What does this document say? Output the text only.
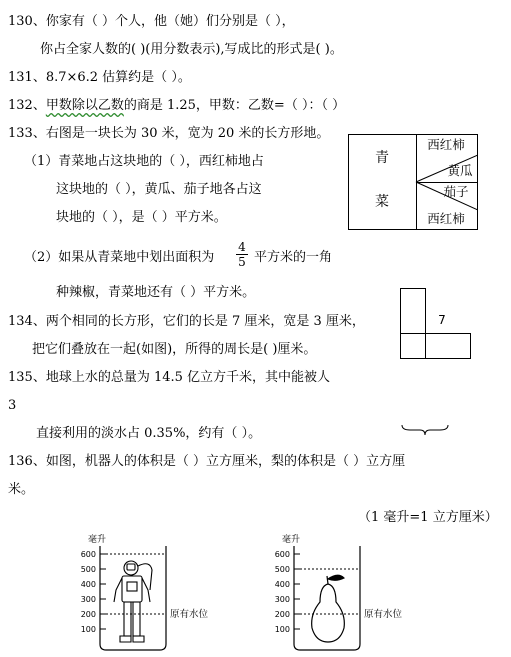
130、你家有（ ）个人，他（她）们分别是（ ），
你占全家人数的( )(用分数表示),写成比的形式是( )。
131、8.7×6.2 估算约是（ ）。
132、甲数除以乙数的商是 1.25，甲数：乙数=（ ）：（ ）
133、右图是一块长为 30 米，宽为 20 米的长方形地。
（1）青菜地占这块地的（ ），西红柿地占
这块地的（ ），黄瓜、茄子地各占这
块地的（ ），是（ ）平方米。
青
菜
西红柿
黄瓜
茄子
西红柿
（2）如果从青菜地中划出面积为
4
5 平方米的一角
种辣椒，青菜地还有（ ）平方米。
134、两个相同的长方形，它们的长是 7 厘米，宽是 3 厘米，
把它们叠放在一起(如图)，所得的周长是( )厘米。
7
135、地球上水的总量为 14.5 亿立方千米，其中能被人
3
直接利用的淡水占 0.35%，约有（ ）。
136、如图，机器人的体积是（ ）立方厘米，梨的体积是（ ）立方厘
米。
（1 毫升=1 立方厘米）
毫升
600
500
400
300
200
100
原有水位
毫升
600
500
400
300
200
100
原有水位
